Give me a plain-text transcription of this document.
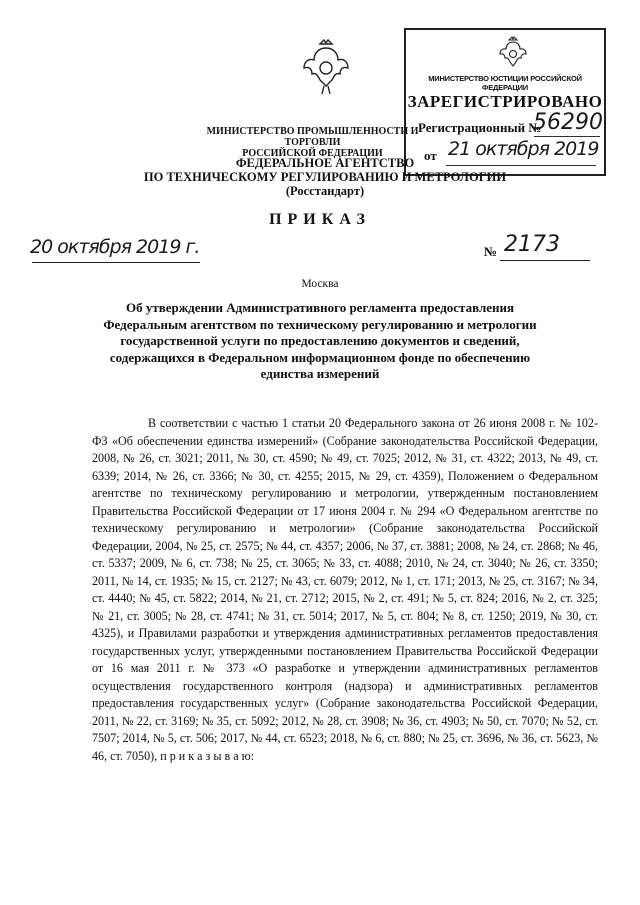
МИНИСТЕРСТВО ЮСТИЦИИ РОССИЙСКОЙ ФЕДЕРАЦИИ
ЗАРЕГИСТРИРОВАНО
Регистрационный №
56290
от 21 октября 2019
МИНИСТЕРСТВО ПРОМЫШЛЕННОСТИ И ТОРГОВЛИ
РОССИЙСКОЙ ФЕДЕРАЦИИ
ФЕДЕРАЛЬНОЕ АГЕНТСТВО
ПО ТЕХНИЧЕСКОМУ РЕГУЛИРОВАНИЮ И МЕТРОЛОГИИ
(Росстандарт)
ПРИКАЗ
20 октября 2019 г.	№ 2173
Москва
Об утверждении Административного регламента предоставления Федеральным агентством по техническому регулированию и метрологии государственной услуги по предоставлению документов и сведений, содержащихся в Федеральном информационном фонде по обеспечению единства измерений
В соответствии с частью 1 статьи 20 Федерального закона от 26 июня 2008 г. № 102-ФЗ «Об обеспечении единства измерений» (Собрание законодательства Российской Федерации, 2008, № 26, ст. 3021; 2011, № 30, ст. 4590; № 49, ст. 7025; 2012, № 31, ст. 4322; 2013, № 49, ст. 6339; 2014, № 26, ст. 3366; № 30, ст. 4255; 2015, № 29, ст. 4359), Положением о Федеральном агентстве по техническому регулированию и метрологии, утвержденным постановлением Правительства Российской Федерации от 17 июня 2004 г. № 294 «О Федеральном агентстве по техническому регулированию и метрологии» (Собрание законодательства Российской Федерации, 2004, № 25, ст. 2575; № 44, ст. 4357; 2006, № 37, ст. 3881; 2008, № 24, ст. 2868; № 46, ст. 5337; 2009, № 6, ст. 738; № 25, ст. 3065; № 33, ст. 4088; 2010, № 24, ст. 3040; № 26, ст. 3350; 2011, № 14, ст. 1935; № 15, ст. 2127; № 43, ст. 6079; 2012, № 1, ст. 171; 2013, № 25, ст. 3167; № 34, ст. 4440; № 45, ст. 5822; 2014, № 21, ст. 2712; 2015, № 2, ст. 491; № 5, ст. 824; 2016, № 2, ст. 325; № 21, ст. 3005; № 28, ст. 4741; № 31, ст. 5014; 2017, № 5, ст. 804; № 8, ст. 1250; 2019, № 30, ст. 4325), и Правилами разработки и утверждения административных регламентов предоставления государственных услуг, утвержденными постановлением Правительства Российской Федерации от 16 мая 2011 г. № 373 «О разработке и утверждении административных регламентов осуществления государственного контроля (надзора) и административных регламентов предоставления государственных услуг» (Собрание законодательства Российской Федерации, 2011, № 22, ст. 3169; № 35, ст. 5092; 2012, № 28, ст. 3908; № 36, ст. 4903; № 50, ст. 7070; № 52, ст. 7507; 2014, № 5, ст. 506; 2017, № 44, ст. 6523; 2018, № 6, ст. 880; № 25, ст. 3696, № 36, ст. 5623, № 46, ст. 7050), п р и к а з ы в а ю:
